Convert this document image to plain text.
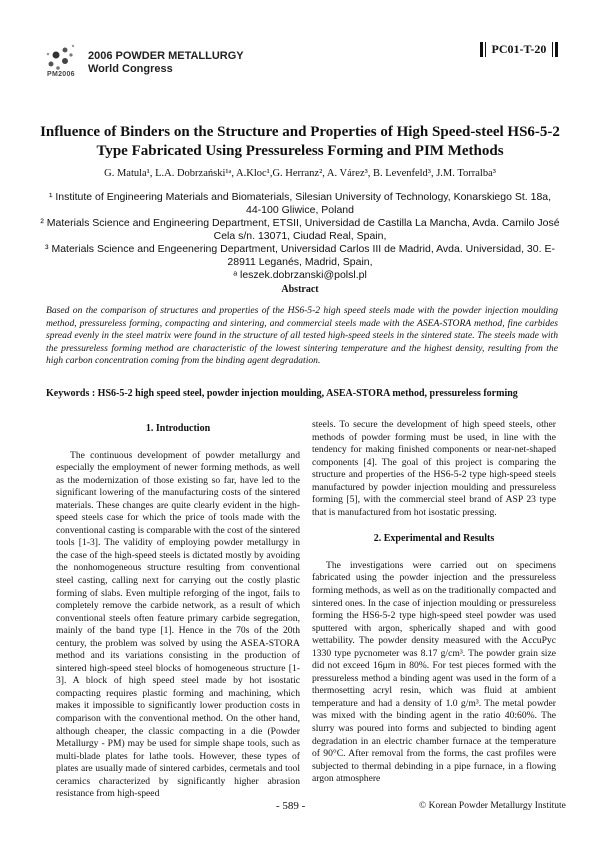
2006 POWDER METALLURGY
World Congress
PM2006
PC01-T-20
Influence of Binders on the Structure and Properties of High Speed-steel HS6-5-2 Type Fabricated Using Pressureless Forming and PIM Methods
G. Matula¹, L.A. Dobrzański¹ᵃ, A.Kloc¹,G. Herranz², A. Várez³, B. Levenfeld³, J.M. Torralba³

¹ Institute of Engineering Materials and Biomaterials, Silesian University of Technology, Konarskiego St. 18a, 44-100 Gliwice, Poland

² Materials Science and Engineering Department, ETSII, Universidad de Castilla La Mancha, Avda. Camilo José Cela s/n. 13071, Ciudad Real, Spain,

³ Materials Science and Engeenering Department, Universidad Carlos III de Madrid, Avda. Universidad, 30. E-28911 Leganés, Madrid, Spain,

ᵃ leszek.dobrzanski@polsl.pl

Abstract

Based on the comparison of structures and properties of the HS6-5-2 high speed steels made with the powder injection moulding method, pressureless forming, compacting and sintering, and commercial steels made with the ASEA-STORA method, fine carbides spread evenly in the steel matrix were found in the structure of all tested high-speed steels in the sintered state. The steels made with the pressureless forming method are characteristic of the lowest sintering temperature and the highest density, resulting from the high carbon concentration coming from the binding agent degradation.

Keywords : HS6-5-2 high speed steel, powder injection moulding, ASEA-STORA method, pressureless forming

1. Introduction

The continuous development of powder metallurgy and especially the employment of newer forming methods, as well as the modernization of those existing so far, have led to the significant lowering of the manufacturing costs of the sintered materials. These changes are quite clearly evident in the high-speed steels case for which the price of tools made with the conventional casting is comparable with the cost of the sintered tools [1-3]. The validity of employing powder metallurgy in the case of the high-speed steels is dictated mostly by avoiding the nonhomogeneous structure resulting from conventional steel casting, calling next for carrying out the costly plastic forming of slabs. Even multiple reforging of the ingot, fails to completely remove the carbide network, as a result of which conventional steels often feature primary carbide segregation, mainly of the band type [1]. Hence in the 70s of the 20th century, the problem was solved by using the ASEA-STORA method and its variations consisting in the production of sintered high-speed steel blocks of homogeneous structure [1-3]. A block of high speed steel made by hot isostatic compacting requires plastic forming and machining, which makes it impossible to significantly lower production costs in comparison with the conventional method. On the other hand, although cheaper, the classic compacting in a die (Powder Metallurgy - PM) may be used for simple shape tools, such as multi-blade plates for lathe tools. However, these types of plates are usually made of sintered carbides, cermetals and tool ceramics characterized by significantly higher abrasion resistance from high-speed

steels. To secure the development of high speed steels, other methods of powder forming must be used, in line with the tendency for making finished components or near-net-shaped components [4]. The goal of this project is comparing the structure and properties of the HS6-5-2 type high-speed steels manufactured by powder injection moulding and pressureless forming [5], with the commercial steel brand of ASP 23 type that is manufactured from hot isostatic pressing.

2. Experimental and Results

The investigations were carried out on specimens fabricated using the powder injection and the pressureless forming methods, as well as on the traditionally compacted and sintered ones. In the case of injection moulding or pressureless forming the HS6-5-2 type high-speed steel powder was used sputtered with argon, spherically shaped and with good wettability. The powder density measured with the AccuPyc 1330 type pycnometer was 8.17 g/cm³. The powder grain size did not exceed 16μm in 80%. For test pieces formed with the pressureless method a binding agent was used in the form of a thermosetting acryl resin, which was fluid at ambient temperature and had a density of 1.0 g/m³. The metal powder was mixed with the binding agent in the ratio 40:60%. The slurry was poured into forms and subjected to binding agent degradation in an electric chamber furnace at the temperature of 90°C. After removal from the forms, the cast profiles were subjected to thermal debinding in a pipe furnace, in a flowing argon atmosphere

- 589 -	© Korean Powder Metallurgy Institute
